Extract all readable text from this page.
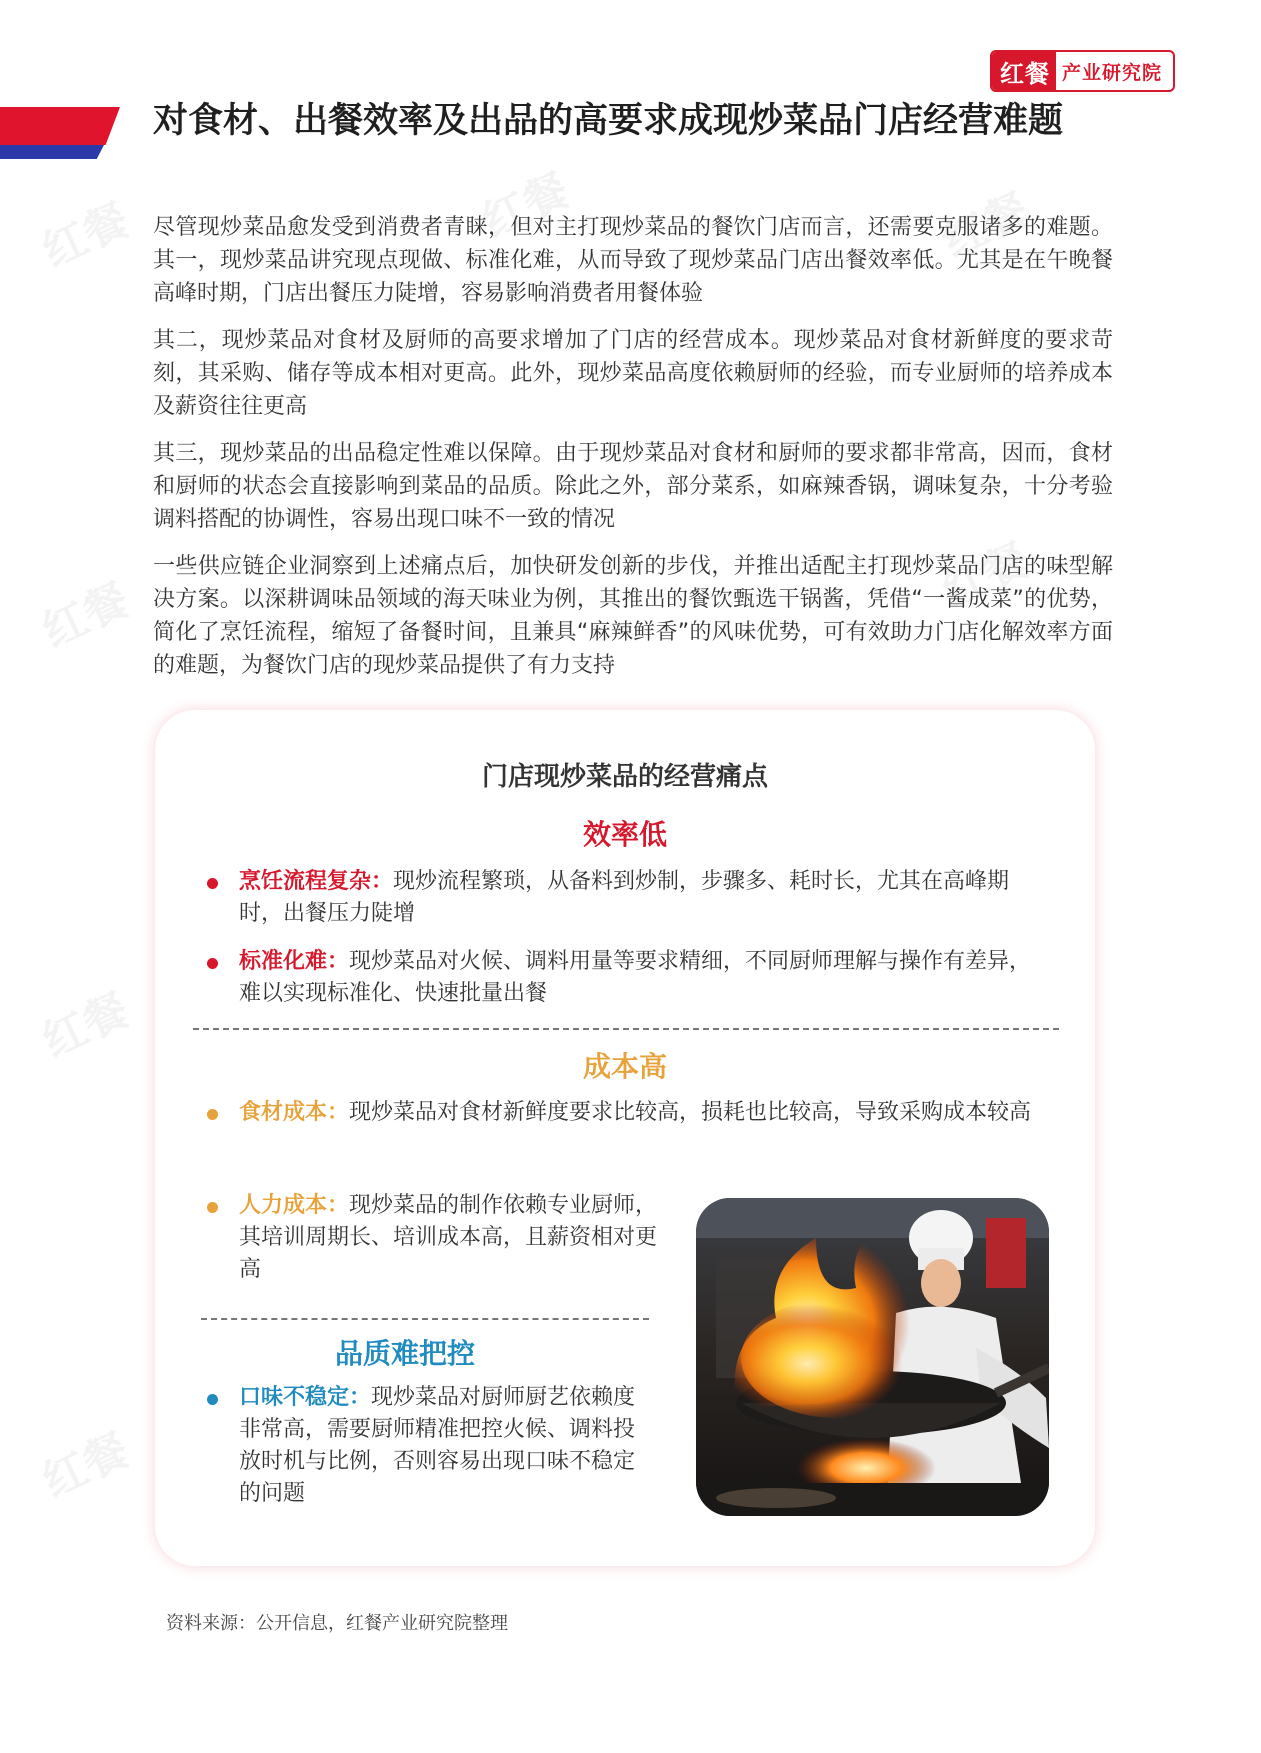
红餐	红餐	红餐
红餐	红餐
红餐
红餐
红餐 产业研究院
对食材、出餐效率及出品的高要求成现炒菜品门店经营难题

尽管现炒菜品愈发受到消费者青睐，但对主打现炒菜品的餐饮门店而言，还需要克服诸多的难题。其一，现炒菜品讲究现点现做、标准化难，从而导致了现炒菜品门店出餐效率低。尤其是在午晚餐高峰时期，门店出餐压力陡增，容易影响消费者用餐体验

其二，现炒菜品对食材及厨师的高要求增加了门店的经营成本。现炒菜品对食材新鲜度的要求苛刻，其采购、储存等成本相对更高。此外，现炒菜品高度依赖厨师的经验，而专业厨师的培养成本及薪资往往更高

其三，现炒菜品的出品稳定性难以保障。由于现炒菜品对食材和厨师的要求都非常高，因而，食材和厨师的状态会直接影响到菜品的品质。除此之外，部分菜系，如麻辣香锅，调味复杂，十分考验调料搭配的协调性，容易出现口味不一致的情况

一些供应链企业洞察到上述痛点后，加快研发创新的步伐，并推出适配主打现炒菜品门店的味型解决方案。以深耕调味品领域的海天味业为例，其推出的餐饮甄选干锅酱，凭借“一酱成菜”的优势，简化了烹饪流程，缩短了备餐时间，且兼具“麻辣鲜香”的风味优势，可有效助力门店化解效率方面的难题，为餐饮门店的现炒菜品提供了有力支持

门店现炒菜品的经营痛点
效率低
烹饪流程复杂：现炒流程繁琐，从备料到炒制，步骤多、耗时长，尤其在高峰期时，出餐压力陡增
标准化难：现炒菜品对火候、调料用量等要求精细，不同厨师理解与操作有差异，难以实现标准化、快速批量出餐
成本高
食材成本：现炒菜品对食材新鲜度要求比较高，损耗也比较高，导致采购成本较高
人力成本：现炒菜品的制作依赖专业厨师，其培训周期长、培训成本高，且薪资相对更高
品质难把控
口味不稳定：现炒菜品对厨师厨艺依赖度非常高，需要厨师精准把控火候、调料投放时机与比例，否则容易出现口味不稳定的问题
资料来源：公开信息，红餐产业研究院整理
